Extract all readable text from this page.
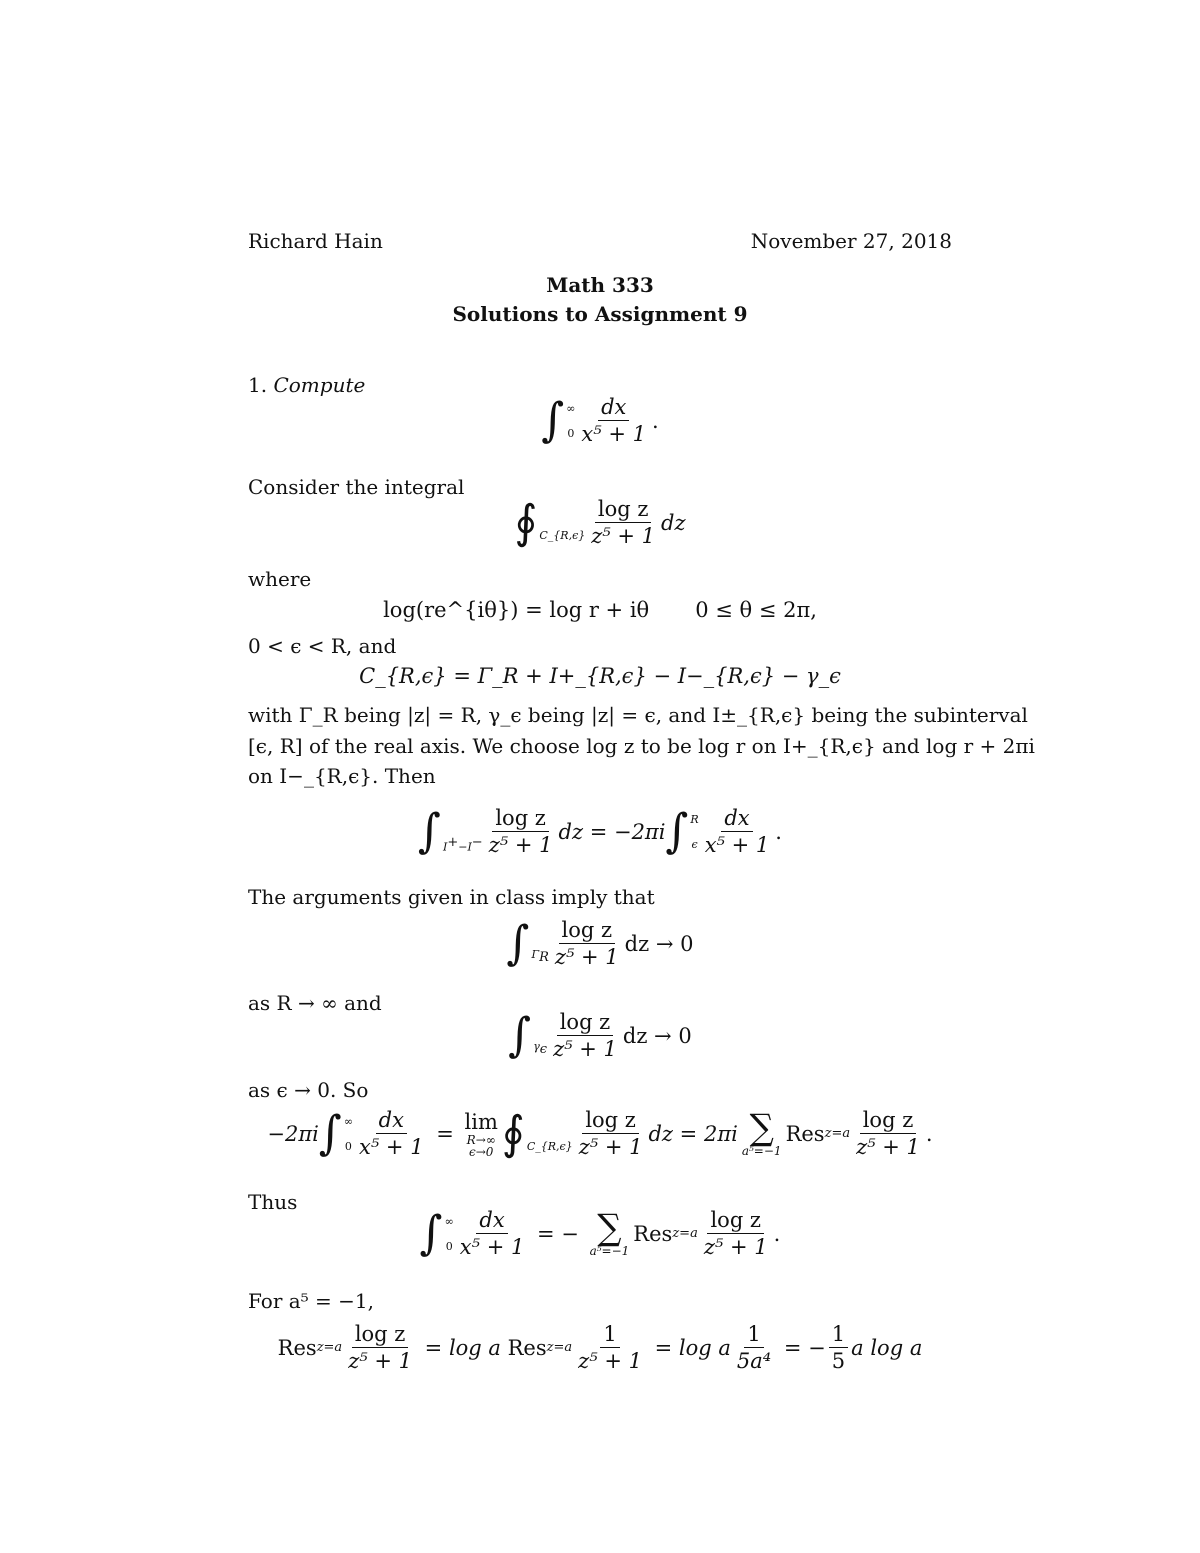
Richard Hain	November 27, 2018
Math 333
Solutions to Assignment 9
1. Compute
∫ ∞
$0 \frac{dx}{\text{x⁵ + 1}}$ .
Consider the integral
∮ C_{R,ϵ} $\frac{\text{log z}}{\text{z⁵ + 1}}$ dz
where
log(re^{iθ}) = log r + iθ 0 ≤ θ ≤ 2π,
0 < ϵ < R, and
C_{R,ϵ} = Γ_R + I+_{R,ϵ} − I−_{R,ϵ} − γ_ϵ
with Γ_R being |z| = R, γ_ϵ being |z| = ϵ, and I±_{R,ϵ} being the subinterval
[ϵ, R] of the real axis. We choose log z to be log r on I+_{R,ϵ} and log r + 2πi
on I−_{R,ϵ}. Then
∫ $I^+-I^- \frac{\text{log z}}{\text{z⁵ + 1}}$ dz = −2πi ∫ R
ϵ $\frac{dx}{\text{x⁵ + 1}}$ .
The arguments given in class imply that
∫ $\Gamma_R \frac{\text{log z}}{\text{z⁵ + 1}}$ dz → 0
as R → ∞ and
∫ $\gamma_\epsilon \frac{\text{log z}}{\text{z⁵ + 1}}$ dz → 0
as ϵ → 0. So
−2πi ∫ ∞
$0 \frac{dx}{\text{x⁵ + 1}} = \lim$
R→∞
ϵ→0 ∮ C_{R,ϵ} $\frac{\text{log z}}{\text{z⁵ + 1}}$ dz = 2πi ∑
a⁵=−1
Res $z=a \frac{\text{log z}}{\text{z⁵ + 1}}$ .
Thus
∫ ∞
$0 \frac{dx}{\text{x⁵ + 1}}$ = − ∑
a⁵=−1
Res $z=a \frac{\text{log z}}{\text{z⁵ + 1}}$ .
For a⁵ = −1,
Res $z=a \frac{\text{log z}}{\text{z⁵ + 1}} = \log a$
Res $z=a \frac{1}{\text{z⁵ + 1}} = \log a \frac{1}{\text{5a⁴}}$ = − $\frac{1}{5}$ a log a
